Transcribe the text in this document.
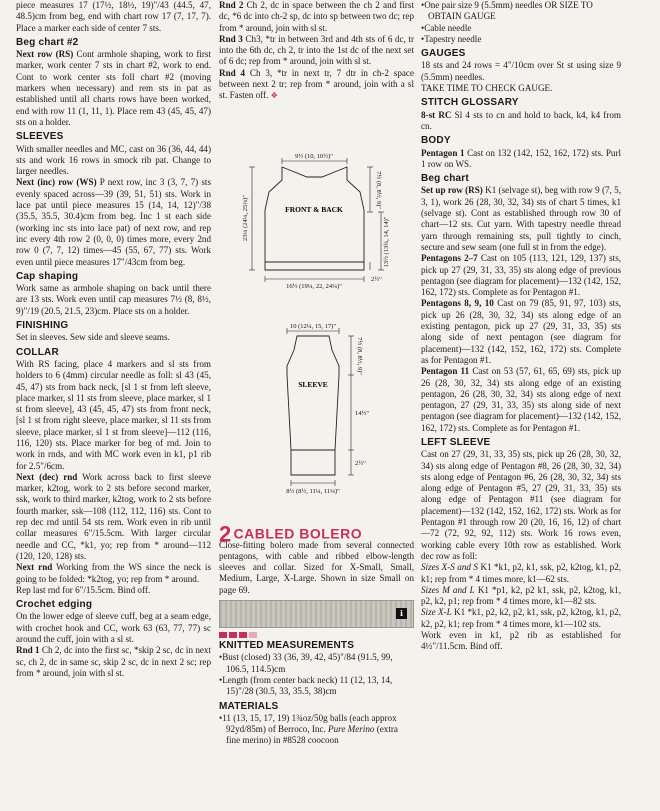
piece measures 17 (17½, 18½, 19)"/43 (44.5, 47, 48.5)cm from beg, end with chart row 17 (7, 17, 7). Place a marker each side of center 7 sts.

Beg chart #2

Next row (RS) Cont armhole shaping, work to first marker, work center 7 sts in chart #2, work to end. Cont to work center sts foll chart #2 (moving markers when necessary) and rem sts in pat as established until all charts rows have been worked, end with row 11 (1, 11, 1). Place rem 43 (45, 45, 47) sts on a holder.

SLEEVES

With smaller needles and MC, cast on 36 (36, 44, 44) sts and work 16 rows in smock rib pat. Change to larger needles.

Next (inc) row (WS) P next row, inc 3 (3, 7, 7) sts evenly spaced across—39 (39, 51, 51) sts. Work in lace pat until piece measures 15 (14, 14, 12)"/38 (35.5, 35.5, 30.4)cm from beg. Inc 1 st each side (working inc sts into lace pat) of next row, and rep inc every 4th row 2 (0, 0, 0) times more, every 2nd row 0 (7, 7, 12) times—45 (55, 67, 77) sts. Work even until piece measures 17"/43cm from beg.

Cap shaping

Work same as armhole shaping on back until there are 13 sts. Work even until cap measures 7½ (8, 8½, 9)"/19 (20.5, 21.5, 23)cm. Place sts on a holder.

FINISHING

Set in sleeves. Sew side and sleeve seams.

COLLAR

With RS facing, place 4 markers and sl sts from holders to 6 (4mm) circular needle as foll: sl 43 (45, 45, 47) sts from back neck, [sl 1 st from left sleeve, place marker, sl 11 sts from sleeve, place marker, sl 1 st from sleeve], 43 (45, 45, 47) sts from front neck, [sl 1 st from right sleeve, place marker, sl 11 sts from sleeve, place marker, sl 1 st from sleeve]—112 (116, 116, 120) sts. Place marker for beg of rnd. Join to work in rnds, and with MC work even in k1, p1 rib for 2.5"/6cm.

Next (dec) rnd Work across back to first sleeve marker, k2tog, work to 2 sts before second marker, ssk, work to third marker, k2tog, work to 2 sts before fourth marker, ssk—108 (112, 112, 116) sts. Cont to rep dec rnd until 54 sts rem. Work even in rib until collar measures 6"/15.5cm. With larger circular needle and CC, *k1, yo; rep from * around—112 (120, 120, 128) sts.

Next rnd Working from the WS since the neck is going to be folded: *k2tog, yo; rep from * around.

Rep last rnd for 6"/15.5cm. Bind off.

Crochet edging

On the lower edge of sleeve cuff, beg at a seam edge, with crochet hook and CC, work 63 (63, 77, 77) sc around the cuff, join with a sl st.

Rnd 1 Ch 2, dc into the first sc, *skip 2 sc, dc in next sc, ch 2, dc in same sc, skip 2 sc, dc in next 2 sc; rep from * around, join with sl st.

Rnd 2 Ch 2, dc in space between the ch 2 and first dc, *6 dc into ch-2 sp, dc into sp between two dc; rep from * around, join with sl st.

Rnd 3 Ch3, *tr in between 3rd and 4th sts of 6 dc, tr into the 6th dc, ch 2, tr into the 1st dc of the next set of 6 dc; rep from * around, join with sl st.

Rnd 4 Ch 3, *tr in next tr, 7 dtr in ch-2 space between next 2 tr; rep from * around, join with a sl st. Fasten off. ❖

9½ (10, 10½)"
23¼ (24¼, 25¼)"
7½ (8, 8½, 9)"
13½ (13¾, 14, 14)"
2½"
16½ (19¼, 22, 24¼)"
FRONT & BACK
10 (12¼, 15, 17)"
7½ (8, 8½, 9)"
14½"
2½"
8½ (8½, 11¼, 11¼)"
SLEEVE
2 CABLED BOLERO

Close-fitting bolero made from several connected pentagons, with cable and ribbed elbow-length sleeves and collar. Sized for X-Small, Small, Medium, Large, X-Large. Shown in size Small on page 69.

ℹ
KNITTED MEASUREMENTS
• Bust (closed) 33 (36, 39, 42, 45)"/84 (91.5, 99, 106.5, 114.5)cm
• Length (from center back neck) 11 (12, 13, 14, 15)"/28 (30.5, 33, 35.5, 38)cm
MATERIALS
• 11 (13, 15, 17, 19) 1¾oz/50g balls (each approx 92yd/85m) of Berroco, Inc. Pure Merino (extra fine merino) in #8528 coocoon
• One pair size 9 (5.5mm) needles OR SIZE TO OBTAIN GAUGE
• Cable needle
• Tapestry needle
GAUGES

18 sts and 24 rows = 4"/10cm over St st using size 9 (5.5mm) needles.

TAKE TIME TO CHECK GAUGE.

STITCH GLOSSARY

8-st RC Sl 4 sts to cn and hold to back, k4, k4 from cn.

BODY

Pentagon 1 Cast on 132 (142, 152, 162, 172) sts. Purl 1 row on WS.

Beg chart

Set up row (RS) K1 (selvage st), beg with row 9 (7, 5, 3, 1), work 26 (28, 30, 32, 34) sts of chart 5 times, k1 (selvage st). Cont as established through row 30 of chart—12 sts. Cut yarn. With tapestry needle thread yarn through remaining sts, pull tightly to cinch, secure and sew seam (one full st in from the edge).

Pentagons 2–7 Cast on 105 (113, 121, 129, 137) sts, pick up 27 (29, 31, 33, 35) sts along edge of previous pentagon (see diagram for placement)—132 (142, 152, 162, 172) sts. Complete as for Pentagon #1.

Pentagons 8, 9, 10 Cast on 79 (85, 91, 97, 103) sts, pick up 26 (28, 30, 32, 34) sts along edge of an existing pentagon, pick up 27 (29, 31, 33, 35) sts along side of next pentagon (see diagram for placement)—132 (142, 152, 162, 172) sts. Complete as for Pentagon #1.

Pentagon 11 Cast on 53 (57, 61, 65, 69) sts, pick up 26 (28, 30, 32, 34) sts along edge of an existing pentagon, 26 (28, 30, 32, 34) sts along edge of next pentagon, 27 (29, 31, 33, 35) sts along side of next pentagon (see diagram for placement)—132 (142, 152, 162, 172) sts. Complete as for Pentagon #1.

LEFT SLEEVE

Cast on 27 (29, 31, 33, 35) sts, pick up 26 (28, 30, 32, 34) sts along edge of Pentagon #8, 26 (28, 30, 32, 34) sts along edge of Pentagon #6, 26 (28, 30, 32, 34) sts along edge of Pentagon #5, 27 (29, 31, 33, 35) sts along edge of Pentagon #11 (see diagram for placement)—132 (142, 152, 162, 172) sts. Work as for Pentagon #1 through row 20 (20, 16, 16, 12) of chart—72 (72, 92, 92, 112) sts. Work 16 rows even, working cable every 10th row as established. Work dec row as foll:

Sizes X-S and S K1 *k1, p2, k1, ssk, p2, k2tog, k1, p2, k1; rep from * 4 times more, k1—62 sts.

Sizes M and L K1 *p1, k2, p2 k1, ssk, p2, k2tog, k1, p2, k2, p1; rep from * 4 times more, k1—82 sts.

Size X-L K1 *k1, p2, k2, p2, k1, ssk, p2, k2tog, k1, p2, k2, p2, k1; rep from * 4 times more, k1—102 sts.

Work even in k1, p2 rib as established for 4½"/11.5cm. Bind off.
